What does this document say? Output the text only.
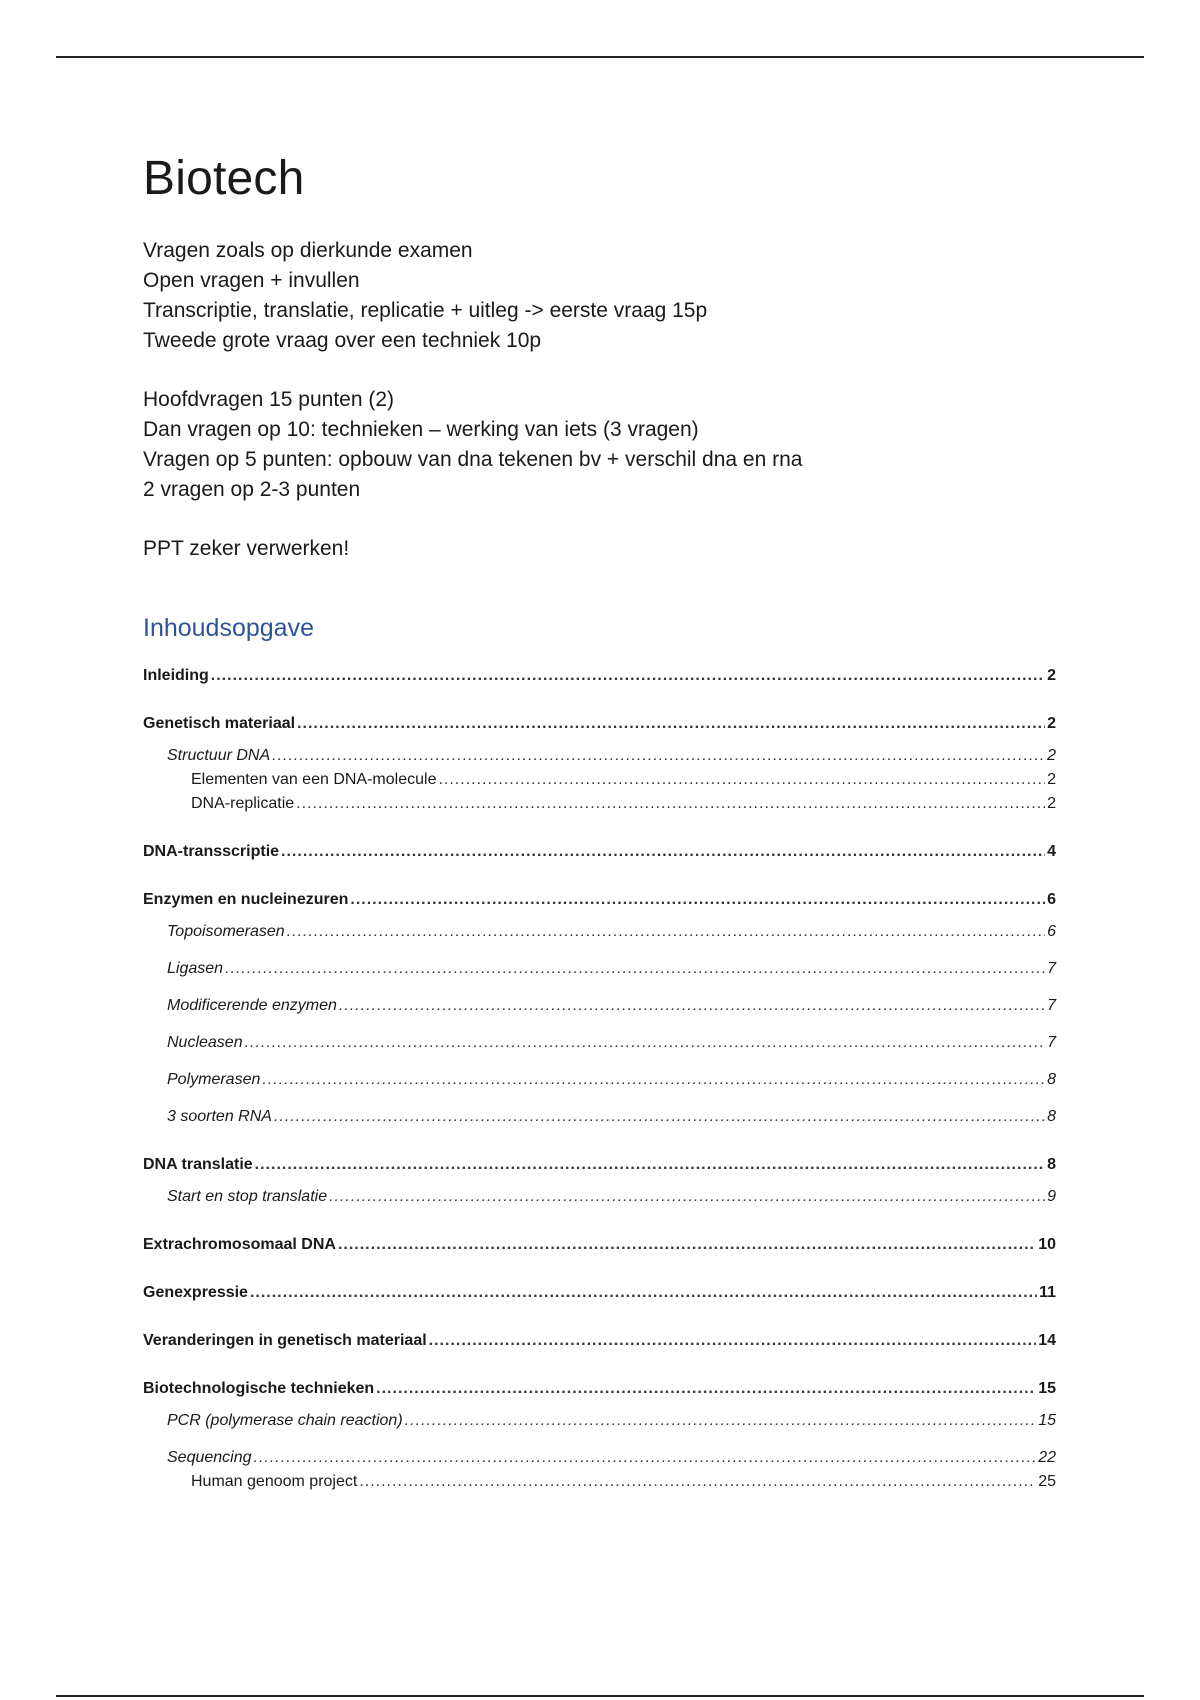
Biotech
Vragen zoals op dierkunde examen
Open vragen + invullen
Transcriptie, translatie, replicatie + uitleg -> eerste vraag 15p
Tweede grote vraag over een techniek 10p
Hoofdvragen 15 punten (2)
Dan vragen op 10: technieken – werking van iets (3 vragen)
Vragen op 5 punten: opbouw van dna tekenen bv + verschil dna en rna
2 vragen op 2-3 punten
PPT zeker verwerken!
Inhoudsopgave
Inleiding .....	2
Genetisch materiaal .....	2
Structuur DNA .....	2
Elementen van een DNA-molecule .....	2
DNA-replicatie .....	2
DNA-transscriptie .....	4
Enzymen en nucleinezuren .....	6
Topoisomerasen .....	6
Ligasen .....	7
Modificerende enzymen .....	7
Nucleasen .....	7
Polymerasen .....	8
3 soorten RNA .....	8
DNA translatie .....	8
Start en stop translatie .....	9
Extrachromosomaal DNA .....	10
Genexpressie .....	11
Veranderingen in genetisch materiaal .....	14
Biotechnologische technieken .....	15
PCR (polymerase chain reaction) .....	15
Sequencing .....	22
Human genoom project .....	25
